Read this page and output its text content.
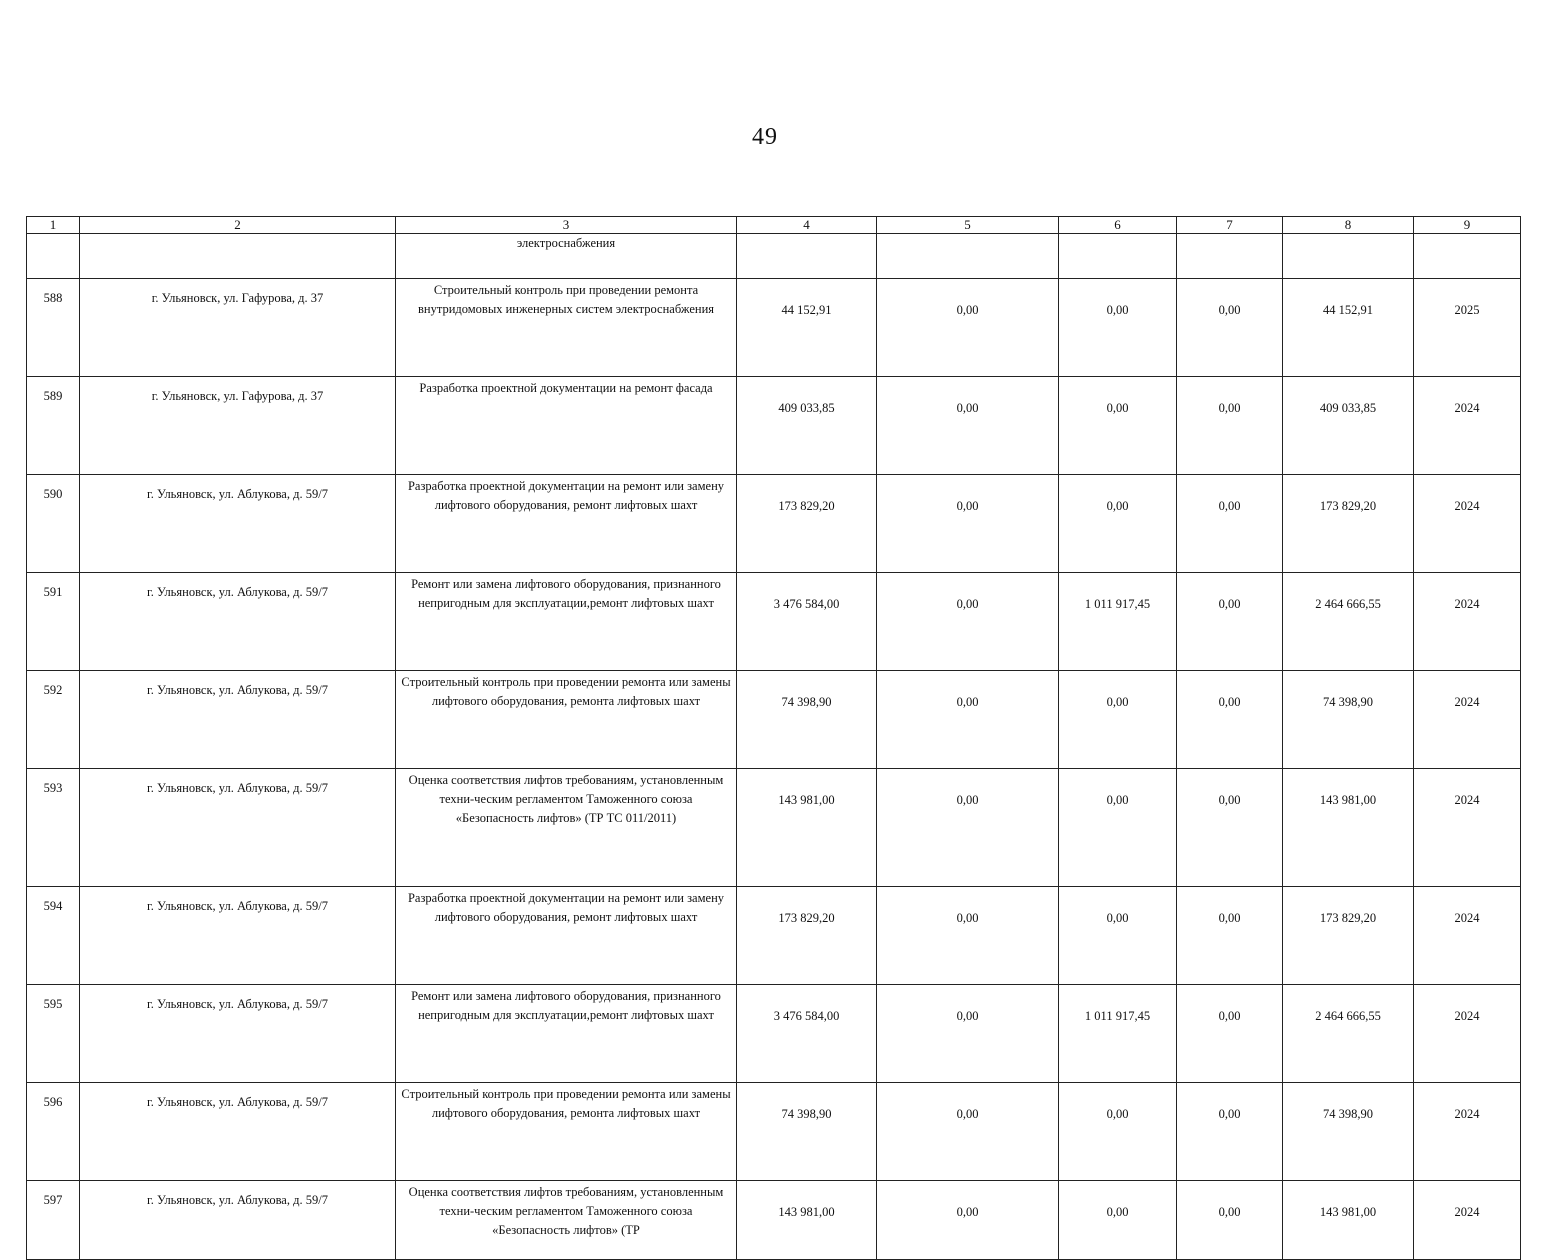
49
1	2	3	4	5	6	7	8	9
		электроснабжения						
588	г. Ульяновск, ул. Гафурова, д. 37	Строительный контроль при проведении ремонта внутридомовых инженерных систем электроснабжения	44 152,91	0,00	0,00	0,00	44 152,91	2025
589	г. Ульяновск, ул. Гафурова, д. 37	Разработка проектной документации на ремонт фасада	409 033,85	0,00	0,00	0,00	409 033,85	2024
590	г. Ульяновск, ул. Аблукова, д. 59/7	Разработка проектной документации на ремонт или замену лифтового оборудования, ремонт лифтовых шахт	173 829,20	0,00	0,00	0,00	173 829,20	2024
591	г. Ульяновск, ул. Аблукова, д. 59/7	Ремонт или замена лифтового оборудования, признанного непригодным для эксплуатации,ремонт лифтовых шахт	3 476 584,00	0,00	1 011 917,45	0,00	2 464 666,55	2024
592	г. Ульяновск, ул. Аблукова, д. 59/7	Строительный контроль при проведении ремонта или замены лифтового оборудования, ремонта лифтовых шахт	74 398,90	0,00	0,00	0,00	74 398,90	2024
593	г. Ульяновск, ул. Аблукова, д. 59/7	Оценка соответствия лифтов требованиям, установленным техни-ческим регламентом Таможенного союза «Безопасность лифтов» (ТР ТС 011/2011)	143 981,00	0,00	0,00	0,00	143 981,00	2024
594	г. Ульяновск, ул. Аблукова, д. 59/7	Разработка проектной документации на ремонт или замену лифтового оборудования, ремонт лифтовых шахт	173 829,20	0,00	0,00	0,00	173 829,20	2024
595	г. Ульяновск, ул. Аблукова, д. 59/7	Ремонт или замена лифтового оборудования, признанного непригодным для эксплуатации,ремонт лифтовых шахт	3 476 584,00	0,00	1 011 917,45	0,00	2 464 666,55	2024
596	г. Ульяновск, ул. Аблукова, д. 59/7	Строительный контроль при проведении ремонта или замены лифтового оборудования, ремонта лифтовых шахт	74 398,90	0,00	0,00	0,00	74 398,90	2024
597	г. Ульяновск, ул. Аблукова, д. 59/7	Оценка соответствия лифтов требованиям, установленным техни-ческим регламентом Таможенного союза «Безопасность лифтов» (ТР	143 981,00	0,00	0,00	0,00	143 981,00	2024
